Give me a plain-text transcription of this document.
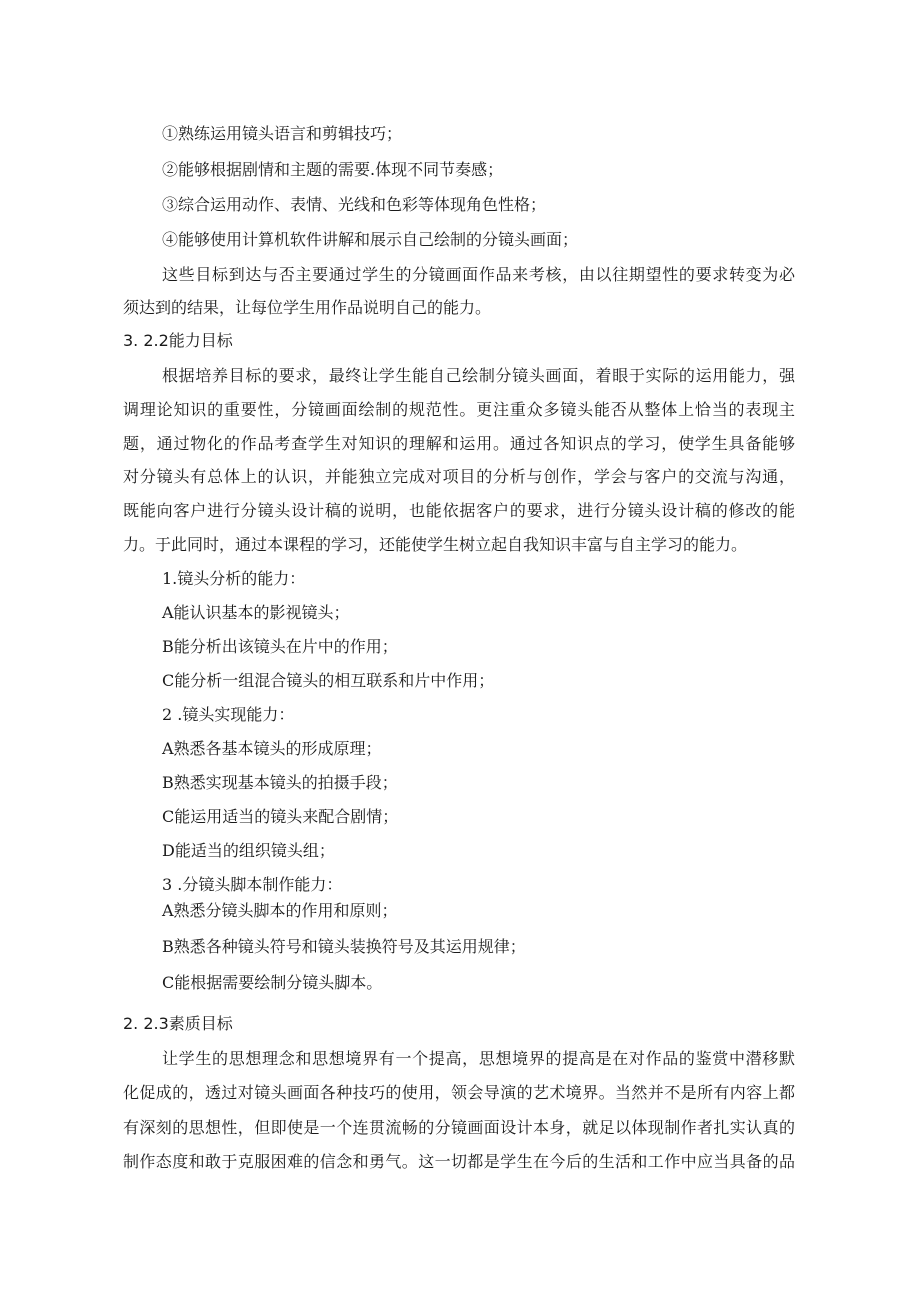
①熟练运用镜头语言和剪辑技巧；
②能够根据剧情和主题的需要.体现不同节奏感；
③综合运用动作、表情、光线和色彩等体现角色性格；
④能够使用计算机软件讲解和展示自己绘制的分镜头画面；
这些目标到达与否主要通过学生的分镜画面作品来考核，由以往期望性的要求转变为必
须达到的结果，让每位学生用作品说明自己的能力。
3. 2.2能力目标
根据培养目标的要求，最终让学生能自己绘制分镜头画面，着眼于实际的运用能力，强
调理论知识的重要性，分镜画面绘制的规范性。更注重众多镜头能否从整体上恰当的表现主
题，通过物化的作品考查学生对知识的理解和运用。通过各知识点的学习，使学生具备能够
对分镜头有总体上的认识，并能独立完成对项目的分析与创作，学会与客户的交流与沟通，
既能向客户进行分镜头设计稿的说明，也能依据客户的要求，进行分镜头设计稿的修改的能
力。于此同时，通过本课程的学习，还能使学生树立起自我知识丰富与自主学习的能力。
1.镜头分析的能力：
A能认识基本的影视镜头；
B能分析出该镜头在片中的作用；
C能分析一组混合镜头的相互联系和片中作用；
2 .镜头实现能力：
A熟悉各基本镜头的形成原理；
B熟悉实现基本镜头的拍摄手段；
C能运用适当的镜头来配合剧情；
D能适当的组织镜头组；
3 .分镜头脚本制作能力：
A熟悉分镜头脚本的作用和原则；
B熟悉各种镜头符号和镜头装换符号及其运用规律；
C能根据需要绘制分镜头脚本。
2. 2.3素质目标
让学生的思想理念和思想境界有一个提高，思想境界的提高是在对作品的鉴赏中潜移默
化促成的，透过对镜头画面各种技巧的使用，领会导演的艺术境界。当然并不是所有内容上都
有深刻的思想性，但即使是一个连贯流畅的分镜画面设计本身，就足以体现制作者扎实认真的
制作态度和敢于克服困难的信念和勇气。这一切都是学生在今后的生活和工作中应当具备的品
